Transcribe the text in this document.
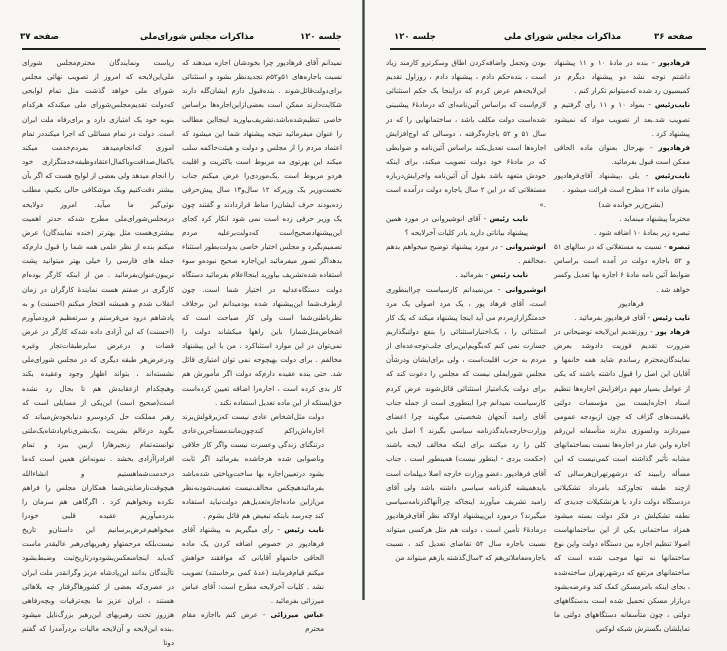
صفحه ۳۷	مذاکرات مجلس شورای‌ملی	جلسه ۱۲۰

نمیدانم آقای فرهادپور چرا بخودشان اجازه میدهند که نسبت باجاره‌های ۵۱و۵۲م تجدیدنظر بشود و استثنائی برای‌دولت‌قائل‌شوند . بنده‌قبول دارم ایشان‌گله دارند شکایت‌دارند ممکن است بعضی‌از‌این‌اجاره‌ها براساس خاصی تنظیم‌شده‌باشد،تشریف‌بیاورید اینجااین مطالب را عنوان میفرمائید نتیجه پیشنهاد شما این میشود که اعتماد مردم را از مجلس و دولت و هیئت‌حاکمه سلب میکند این بهرتوی مه مربوط است باکثریت و اقلیت هردو مربوط است .یک‌موردی‌را عرض میکنم جناب نخست‌وزیر یک وزیرکه ۱۲ سال‌و۱۳ سال پیش‌حرفی زده‌بودند حرف ایشان‌را مناط قراردادند و گفتند چون یک وزیر حرفی زده است نمی شود انکار کرد کجای این‌پیشنهادصحیح‌است که‌دولت‌برعلیه مردم تصمیم‌بگیرد و مجلس اختیار خاصی بدولت‌بطور استثناء بدهد‌اگر تصور میفرمائید این‌اجاره صحیح نبوده‌و سوء استفاده شده‌تشریف بیاورید اینجااعلام بفرمائید دستگاه دولت دستگاه‌عدلیه در اختیار شما است. چون از‌طرف‌شما این‌پیشنهاد شده بودمیدانم این برخلاف نظرباطنی‌شما است ولی کار صباحت است که اشخاص‌مثل‌شمارا باین راهها میکشاند دولت را نمی‌توان در این موارد استثناکرد . من با این پیشنهاد مخالفم . برای دولت بهیچوجه نمی توان امتیازی قائل شد. حتی بنده عقیده دارم‌که دولت اگر مأمورش هم کار بدی کرده است ، اجاره‌را اضافه تعیین کرده‌است حق‌ایستکه از این ماده تعدیل استفاده نکند .

دولت مثل‌اشخاص عادی نیست که‌زیرقولش‌بزند اجاره‌اش‌راکم کندچون‌مانند‌مستأجرین‌عادی درتنگنای زندگی وعسرت نیست واگر کار خلافی وناصوابی شده هرجاشده بفرمائید اگر ثابت بشود درتعیین‌اجاره بها ساخت‌وپاختی شده‌باشد بفرمائیدهیچکس مخالف‌نیست تعقیب‌شودبه‌نظر من‌از‌این ماده‌اجازه‌تعدیل‌هم دولت‌نباید استفاده کند چه‌رسد باینکه تبعیض هم قائل بشوم .

نایب رئیس - رأی میگیریم به پیشنهاد آقای فرهادپور در خصوص اضافه کردن یک ماده الحاقی خانمها‌و آقایانی که موافقند خواهش میکنم قیام‌فرمایند (عدۀ کمی برخاستند) تصویب نشد . کلیات آخرلایحه مطرح است: آقای عباس میرزائی بفرمائید .

عباس میرزائی - عرض کنم بااجازه مقام محترم

ریاست ونمایندگان محترم‌مجلس شورای ملی‌این‌لایحه که امروز از تصویب نهائی مجلس شورای ملی خواهد گذشت مثل تمام لوایحی که‌دولت تقدیم‌مجلس‌شورای ملی میکندکه هرکدام بنوبه خود یک امتیازی دارد و برای‌رفاه ملت ایران است. دولت در تمام مسائلی که اجرا میکنددر تمام اموری که‌انجام‌میدهد بمردم‌خدمت میکند باکمال‌صداقت‌وباکمال‌اعتقادوظیفه‌خدمتگزاری خود را انجام میدهد ولی بعضی از لوایح هست که اگر بآن بیشتر دقت‌کنیم ویک موشکافی حالی بکنیم، مطلب نوئی‌گیر ما میآید. امروز دولایحه درمجلس‌شورای‌ملی مطرح شدکه حدتر اهمیت بیشتری‌هست مثل بهترتر (خنده نمایندگان) عرض میکنم بنده از نظر علمی همه شما را قبول دارم‌که جمله های فارسی را خیلی بهتر میتوانید پشت تریبون‌عنوان‌بفرمائید . من از اینکه کارگر بوده‌ام کارگری در صفتم هست نمایندۀ کارگران در زمان انقلاب شدم و همیشه افتخار میکنم (احسنت) و به پادشاهم درود می‌فرستم و سرتعظیم فرودمیآورم (احسنت) که این آزادی داده شدکه کارگر در عرض قضات و درعرض سایرطبقات‌تجار وغیره ودرعرض‌هر طبقه دیگری که در مجلس شورای‌ملی نشسته‌اند ، بتواند اظهار وجود وعقیده بکند وهیچکدام ازعقایدش هم تا بحال رد نشده است(صحیح است) این‌یکی از مسایلی است که رهبر مملکت حل کرد‌وسرو دنیابخودش‌میباند که بگوید درعالم بشریت ،یک‌بشری‌نام‌پادشاه‌یک‌ملتی توانسته‌تمام زنجیرهارا ازبین ببرد و تمام افرادرا‌آزادی بخشد . نمونه‌اش همین است که‌ما درخدمت‌شماهستیم و انشاءالله هیچوقت‌نارضایتی‌شما همکاران مجلس را فراهم نکرده ونخواهیم کرد . اگرگاهی هم سرمان را بدرد‌میآوریم عقیده قلبی خودرا میخواهیم‌عرض‌برسانیم این داستان‌و تاریخ نیست‌بلکه مرحمتهاو رهبریهای‌رهبر عالیقدر ماست که‌باید اینجامنعکس‌بشودودر‌تاریخ‌ثبت وضبط‌بشود تاآیندگان بدانند این‌پادشاه عزیز وگرانقدر ملت ایران در عصری‌که بعضی از کشور‌ها‌گرفتار چه بلاهائی هستند ، ایران عزیز ما بچه‌ترقیات وبچه‌رفاهی هزروز تحت رهبریهای این‌رهبر بزرگ‌نایل میشود .بنده این‌لایحه و آن‌لایحه مالیات بردرآمدرا که گفتم دوتا

جلسه ۱۲۰	مذاکرات مجلس شورای ملی	صفحه ۳۶

فرهادپور - بنده در مادۀ ۱۰ و ۱۱ پیشنهاد داشتم توجه نشد دو پیشنهاد دیگرم در کمیسیون رد شده که‌میتوانم تکرار کنم .

نایب‌رئیس - بمواد ۱۰ و ۱۱ رأی گرفتیم و تصویب شد‌.بعد از تصویب مواد که نمیشود پیشنهاد کرد .

فرهادپور - بهرحال بعنوان ماده الحاقی ممکن است قبول بفرمائید.

نایب‌رئیس - بلی ،پیشنهاد آقای‌فرهادپور بعنوان ماده ۱۲ مطرح است قرائت میشود .

(بشرح‌زیر خوانده شد)

محترماً پیشنهاد مینماید .

تبصره زیر بمادۀ ۱۰ اضافه شود .

تبصره - نسبت به مستغلاتی که در سالهای ۵۱ و ۵۲ باجاره دولت در آمده است براساس ضوابط آئین نامه مادۀ ۶ اجاره بها تعدیل وکسر خواهد شد .

فرهادپور

نایب رئیس - آقای فرهادپور بفرمائید .

فرهاد پور - روزتقدیم این‌لایحه توضیحاتی در ضرورت تقدیم فوریت دادوشد بعرض نمایندگان‌محترم رساندم شاید همه خانمها و آقایان این اصل را قبول داشته باشند که یکی از عوامل بسیار مهم درافزایش اجاره‌ها تنظیم اسناد اجاره‌ایست بین مؤسسات دولتی باقیمت‌های گزاف که چون ازبودجه عمومی میپردازند ودلسوزی ندارند متأسفانه این‌رقم اجاره واین عیار در اجاره‌ها نسبت بساختمانهای مشابه تأثیر گذاشته است کمی‌نیست که این مسأله راببیند که درشهرتهران‌هرسالی که ازچند طبقه تجاوزکند بامرداد تشکیلاتی دردستگاه دولت دارد یا هرتشکیلات جدیدی که نطفه تشکیلش در فکر دولت بسته میشود همزاد ساختمانی یکی از این ساختمانهاست اصولا تنظیم اجاره بین دستگاه دولت واین نوع ساختمانها نه تنها موجب شده است که ساختمانهای مرتفع که درشهرتهران ساخته‌شده ، بجای اینکه بامرمسکن کمک کند وعرضه‌بشود دربازار مسکن تحمیل شده است بدستگاههای دولتی ، چون متأسفانه دستگاههای دولتی ما تمایلشان بگسترش شبکه لوکس

بودن وتجمل واضافه‌کردن اطاق وسکرترو کارمند زیاد است ، بنده‌حکم دادم ، پیشنهاد دادم ، روزاول تقدیم این‌لایحه‌هم عرض کردم که دراینجا یک حکم استثنائی لازم‌است که براساس آئین‌نامه‌ای که درمادۀ۶ پیشبینی شده‌است دولت مکلف باشد ، ساختمانهایی را که در سال ۵۱ و ۵۲ باجاره‌گرفته ، دوسالی که اوج‌افزایش اجاره‌ها است تعدیل‌بکند براساس آئین‌نامه و ضوابطی که در مادۀ۶ خود دولت تصویب میکند، برای اینکه خودش متعهد باشد بقول آن آئین‌نامه واجرایش‌در‌باره مستغلاتی که در این ۲ سال باجاره دولت درآمده است .»

نایب رئیس - آقای انوشیروانی در مورد همین پیشنهاد بیاناتی دارید یادر کلیات آخرلایحه ؟

انوشیروانی - در مورد پیشنهاد توضیح میخواهم بدهم ،مخالفم .

نایب رئیس - بفرمائید .

انوشیروانی - من‌نمیدانم کارسیاست چرا‌اینطوری است، آقای فرهاد پور ، یک مرد اصولی یک مرد خدمتگزار‌ازمردم می آید اینجا پیشنهاد میکند که یک کار استثنائی را ، یک‌اختیار‌استثنائی را بنفع دولتبگذاریم جسارت نمی کنم که‌بگویم‌این‌برای جلب‌توجه‌عده‌ای از مردم به حزب اقلیت‌است ، ولی برای‌ایشان ودرشأن مجلس شورایملی نیست که مجلس را دعوت کند که برای دولت یک‌امتیاز استثنائی قائل‌شوند عرض کردم کارسیاست نمیدانم چرا اینطوری است از جمله جناب آقای رامبد آنجهان شخصیتی میگویند چرا اعضای وزارت‌خارجه‌باید‌گذرنامه سیاسی بگیرند ؟ اصل باین کلی را رد میکنند برای اینکه مخالف لایحه باشند (حکمت یزدی - اینطور نیست) همینطور است . جناب آقای فرهادپور ،عضو وزارت خارجه اصلا دیپلمات است بایدهمیشه گذرنامه سیاسی داشته باشد ولی آقای رامبد تشریف میآورند اینجاکه چراآنهاگذرنامه‌سیاسی میگیرند؟ درمورد این‌پیشنهاد اولاکه نظر آقای‌فرهادپور درمادۀ۶ تأمین است ، دولت هم مثل هرکسی میتواند نسبت باجاره سال ۵۲ تقاضای تعدیل کند ، نسبت باجاره‌معاملاتی‌هم که ۳سال‌گذشته بازهم میتواند من
